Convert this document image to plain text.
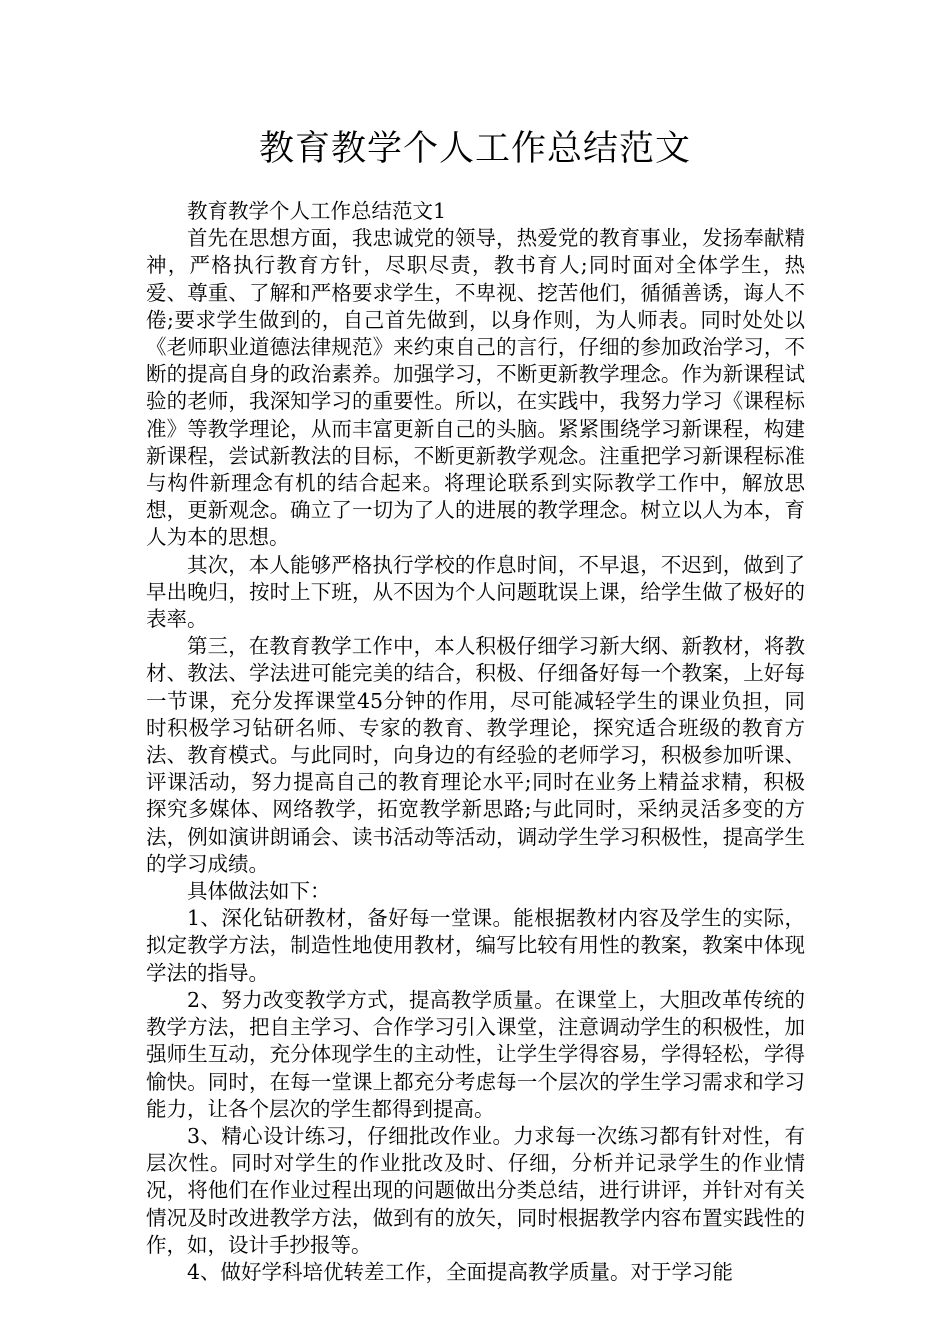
教育教学个人工作总结范文

教育教学个人工作总结范文1

首先在思想方面，我忠诚党的领导，热爱党的教育事业，发扬奉献精神，严格执行教育方针，尽职尽责，教书育人;同时面对全体学生，热爱、尊重、了解和严格要求学生，不卑视、挖苦他们，循循善诱，诲人不倦;要求学生做到的，自己首先做到，以身作则，为人师表。同时处处以《老师职业道德法律规范》来约束自己的言行，仔细的参加政治学习，不断的提高自身的政治素养。加强学习，不断更新教学理念。作为新课程试验的老师，我深知学习的重要性。所以，在实践中，我努力学习《课程标准》等教学理论，从而丰富更新自己的头脑。紧紧围绕学习新课程，构建新课程，尝试新教法的目标，不断更新教学观念。注重把学习新课程标准与构件新理念有机的结合起来。将理论联系到实际教学工作中，解放思想，更新观念。确立了一切为了人的进展的教学理念。树立以人为本，育人为本的思想。

其次，本人能够严格执行学校的作息时间，不早退，不迟到，做到了早出晚归，按时上下班，从不因为个人问题耽误上课，给学生做了极好的表率。

第三，在教育教学工作中，本人积极仔细学习新大纲、新教材，将教材、教法、学法进可能完美的结合，积极、仔细备好每一个教案，上好每一节课，充分发挥课堂45分钟的作用，尽可能减轻学生的课业负担，同时积极学习钻研名师、专家的教育、教学理论，探究适合班级的教育方法、教育模式。与此同时，向身边的有经验的老师学习，积极参加听课、评课活动，努力提高自己的教育理论水平;同时在业务上精益求精，积极探究多媒体、网络教学，拓宽教学新思路;与此同时，采纳灵活多变的方法，例如演讲朗诵会、读书活动等活动，调动学生学习积极性，提高学生的学习成绩。

具体做法如下：

1、深化钻研教材，备好每一堂课。能根据教材内容及学生的实际，拟定教学方法，制造性地使用教材，编写比较有用性的教案，教案中体现学法的指导。

2、努力改变教学方式，提高教学质量。在课堂上，大胆改革传统的教学方法，把自主学习、合作学习引入课堂，注意调动学生的积极性，加强师生互动，充分体现学生的主动性，让学生学得容易，学得轻松，学得愉快。同时，在每一堂课上都充分考虑每一个层次的学生学习需求和学习能力，让各个层次的学生都得到提高。

3、精心设计练习，仔细批改作业。力求每一次练习都有针对性，有层次性。同时对学生的作业批改及时、仔细，分析并记录学生的作业情况，将他们在作业过程出现的问题做出分类总结，进行讲评，并针对有关情况及时改进教学方法，做到有的放矢，同时根据教学内容布置实践性的作，如，设计手抄报等。

4、做好学科培优转差工作，全面提高教学质量。对于学习能
